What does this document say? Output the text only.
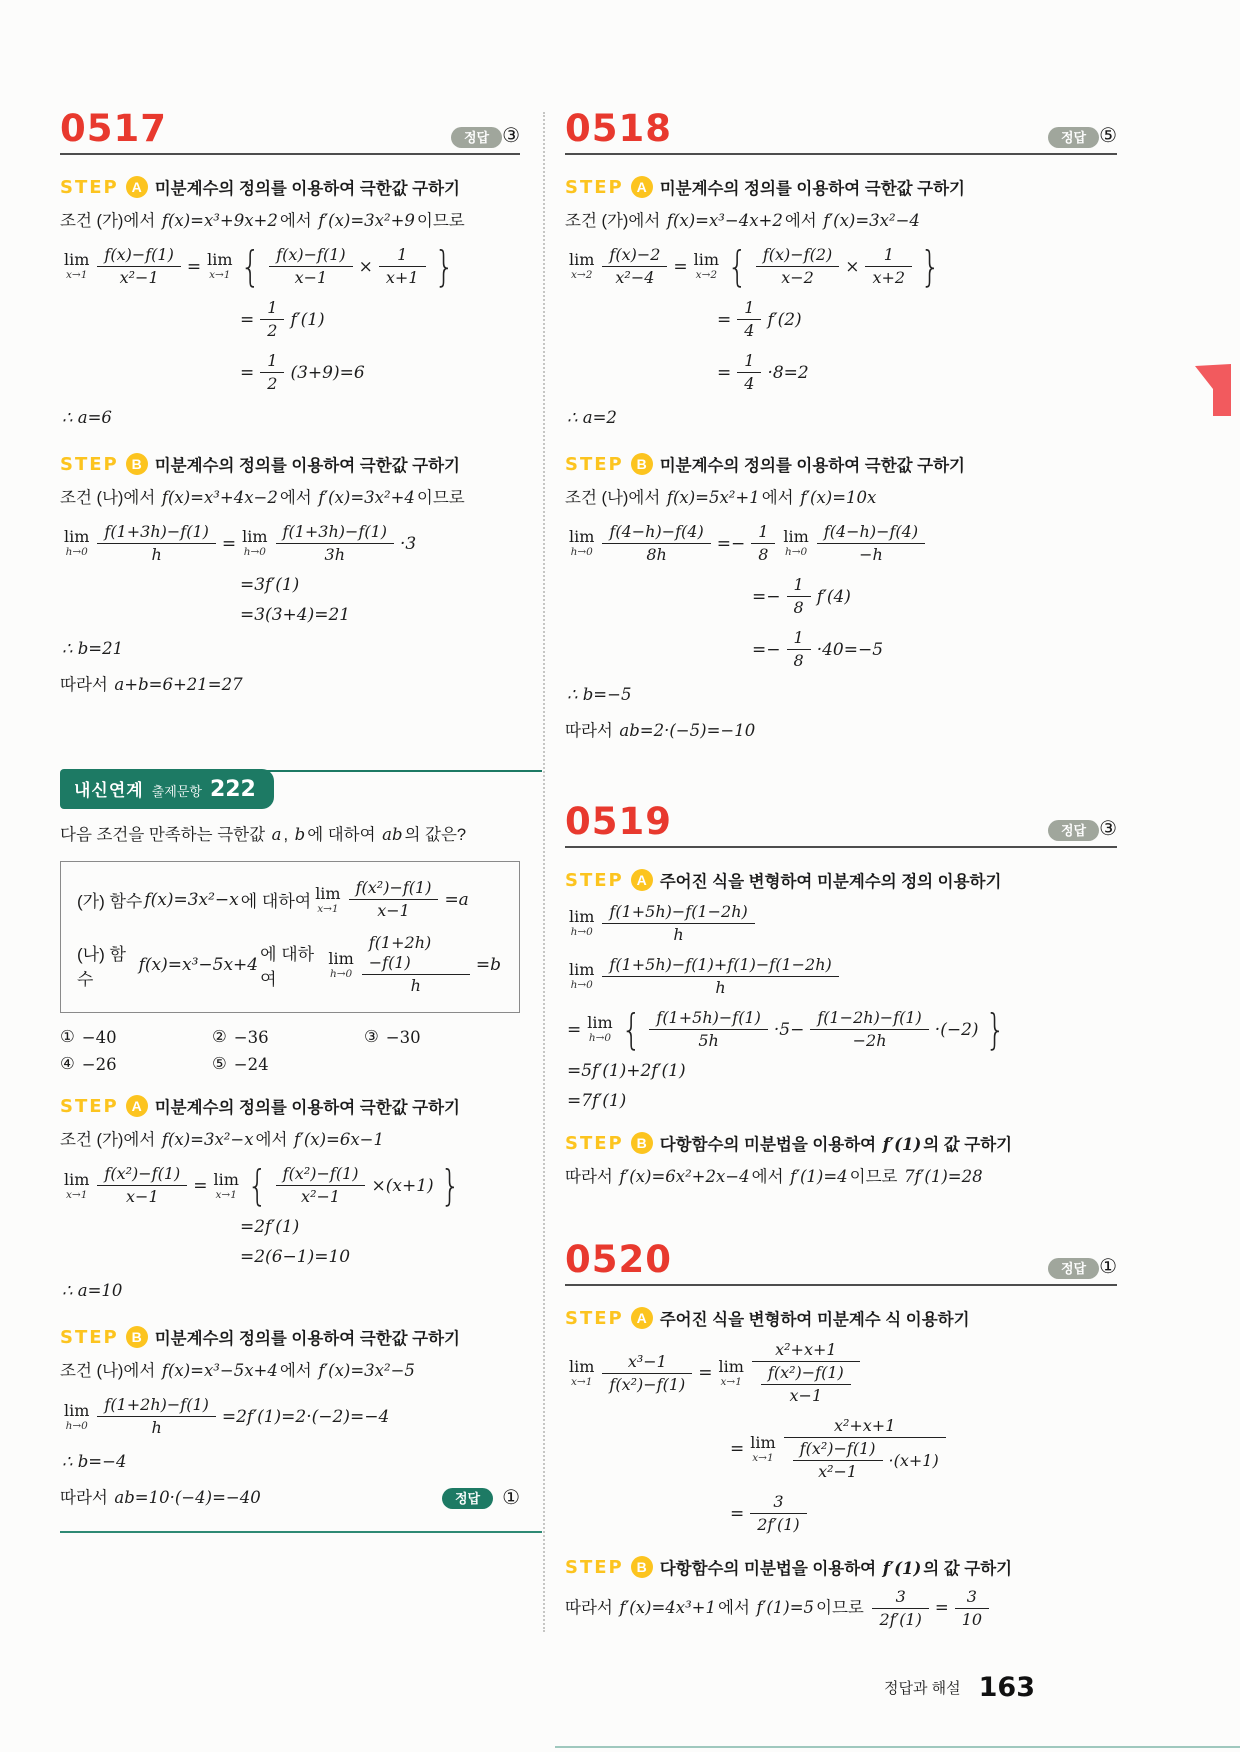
0517	정답 ③
STEP A 미분계수의 정의를 이용하여 극한값 구하기
조건 (가)에서 f(x)=x³+9x+2 에서 f′(x)=3x²+9 이므로
lim
$x\to 1 \frac{f(x)-f(1)}{\text{x²−1}} = \lim$
x→1 { $\frac{f(x)-f(1)}{x-1} \times \frac{1}{x+1}$ }
= $\frac{1}{2} f'(1)$
= $\frac{1}{2} (3+9)=6$
∴ a=6
STEP B 미분계수의 정의를 이용하여 극한값 구하기
조건 (나)에서 f(x)=x³+4x−2 에서 f′(x)=3x²+4 이므로
lim
$h\to 0 \frac{f(1+3h)-f(1)}{h} = \lim$
$h\to 0 \frac{f(1+3h)-f(1)}{3h} \cdot 3$
=3f′(1)
=3(3+4)=21
∴ b=21
따라서 a+b=6+21=27
내신연계 출제문항 222
다음 조건을 만족하는 극한값 a , b 에 대하여 ab 의 값은?
(가) 함수 f(x)=3x²−x 에 대하여 lim
$x\to 1 \frac{\text{f(x²)−f(1)}}{x-1} =a$
(나) 함수
f(x)=x³−5x+4
에 대하여
lim
$h\to 0 \frac{f(1+2h)-f(1)}{h} =b$
① −40	② −36	③ −30
④ −26	⑤ −24
STEP A 미분계수의 정의를 이용하여 극한값 구하기
조건 (가)에서 f(x)=3x²−x 에서 f′(x)=6x−1
lim
$x\to 1 \frac{\text{f(x²)−f(1)}}{x-1} = \lim$
x→1 { $\frac{\text{f(x²)−f(1)}}{\text{x²−1}} \times(x+1)$ }
=2f′(1)
=2(6−1)=10
∴ a=10
STEP B 미분계수의 정의를 이용하여 극한값 구하기
조건 (나)에서 f(x)=x³−5x+4 에서 f′(x)=3x²−5
lim
$h\to 0 \frac{f(1+2h)-f(1)}{h} =2f'(1)=2\cdot(-2)=-4$
∴ b=−4
따라서 ab=10·(−4)=−40	정답	①
0518	정답 ⑤
STEP A 미분계수의 정의를 이용하여 극한값 구하기
조건 (가)에서 f(x)=x³−4x+2 에서 f′(x)=3x²−4
lim
$x\to 2 \frac{f(x)-2}{\text{x²−4}} = \lim$
x→2 { $\frac{f(x)-f(2)}{x-2} \times \frac{1}{x+2}$ }
= $\frac{1}{4} f'(2)$
= $\frac{1}{4} \cdot 8=2$
∴ a=2
STEP B 미분계수의 정의를 이용하여 극한값 구하기
조건 (나)에서 f(x)=5x²+1 에서 f′(x)=10x
lim
$h\to 0 \frac{f(4-h)-f(4)}{8h} =- \frac{1}{8}$ lim
$h\to 0 \frac{f(4-h)-f(4)}{-h}$
=− $\frac{1}{8} f'(4)$
=− $\frac{1}{8} \cdot 40=-5$
∴ b=−5
따라서 ab=2·(−5)=−10
0519	정답 ③
STEP A 주어진 식을 변형하여 미분계수의 정의 이용하기
lim
$h\to 0 \frac{f(1+5h)-f(1-2h)}{h}$
lim
$h\to 0 \frac{f(1+5h)-f(1)+f(1)-f(1-2h)}{h}$
= lim
h→0 { $\frac{f(1+5h)-f(1)}{5h} \cdot 5- \frac{f(1-2h)-f(1)}{-2h} \cdot(-2)$ }
=5f′(1)+2f′(1)
=7f′(1)
STEP B 다항함수의 미분법을 이용하여 f′(1) 의 값 구하기
따라서 f′(x)=6x²+2x−4 에서 f′(1)=4 이므로 7f′(1)=28
0520	정답 ①
STEP A 주어진 식을 변형하여 미분계수 식 이용하기
lim
$x\to 1 \frac{\text{x³−1}}{\text{f(x²)−f(1)}} = \lim$
$x\to 1 \frac{\text{x²+x+1}}{\frac{\text{f(x²)−f(1)}}{x-1}}$
= lim
$x\to 1 \frac{\text{x²+x+1}}{\frac{\text{f(x²)−f(1)}}{\text{x²−1}} \cdot(x+1)}$
= $\frac{3}{2f'(1)}$
STEP B 다항함수의 미분법을 이용하여 f′(1) 의 값 구하기
따라서 f′(x)=4x³+1 에서 f′(1)=5 이므로 $\frac{3}{2f'(1)} = \frac{3}{10}$
정답과 해설 163
